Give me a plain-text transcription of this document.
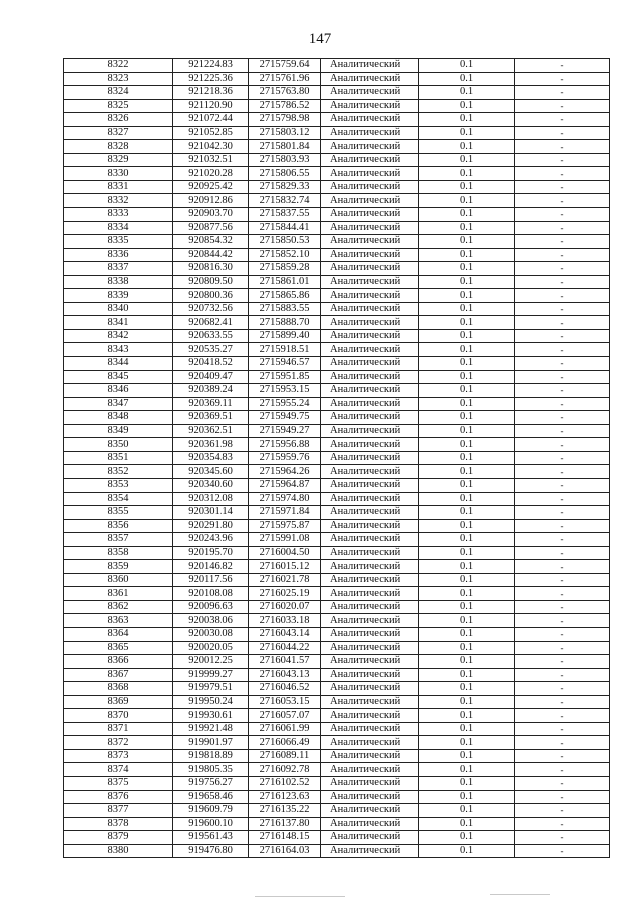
147
8322	921224.83	2715759.64	Аналитический	0.1	-
8323	921225.36	2715761.96	Аналитический	0.1	-
8324	921218.36	2715763.80	Аналитический	0.1	-
8325	921120.90	2715786.52	Аналитический	0.1	-
8326	921072.44	2715798.98	Аналитический	0.1	-
8327	921052.85	2715803.12	Аналитический	0.1	-
8328	921042.30	2715801.84	Аналитический	0.1	-
8329	921032.51	2715803.93	Аналитический	0.1	-
8330	921020.28	2715806.55	Аналитический	0.1	-
8331	920925.42	2715829.33	Аналитический	0.1	-
8332	920912.86	2715832.74	Аналитический	0.1	-
8333	920903.70	2715837.55	Аналитический	0.1	-
8334	920877.56	2715844.41	Аналитический	0.1	-
8335	920854.32	2715850.53	Аналитический	0.1	-
8336	920844.42	2715852.10	Аналитический	0.1	-
8337	920816.30	2715859.28	Аналитический	0.1	-
8338	920809.50	2715861.01	Аналитический	0.1	-
8339	920800.36	2715865.86	Аналитический	0.1	-
8340	920732.56	2715883.55	Аналитический	0.1	-
8341	920682.41	2715888.70	Аналитический	0.1	-
8342	920633.55	2715899.40	Аналитический	0.1	-
8343	920535.27	2715918.51	Аналитический	0.1	-
8344	920418.52	2715946.57	Аналитический	0.1	-
8345	920409.47	2715951.85	Аналитический	0.1	-
8346	920389.24	2715953.15	Аналитический	0.1	-
8347	920369.11	2715955.24	Аналитический	0.1	-
8348	920369.51	2715949.75	Аналитический	0.1	-
8349	920362.51	2715949.27	Аналитический	0.1	-
8350	920361.98	2715956.88	Аналитический	0.1	-
8351	920354.83	2715959.76	Аналитический	0.1	-
8352	920345.60	2715964.26	Аналитический	0.1	-
8353	920340.60	2715964.87	Аналитический	0.1	-
8354	920312.08	2715974.80	Аналитический	0.1	-
8355	920301.14	2715971.84	Аналитический	0.1	-
8356	920291.80	2715975.87	Аналитический	0.1	-
8357	920243.96	2715991.08	Аналитический	0.1	-
8358	920195.70	2716004.50	Аналитический	0.1	-
8359	920146.82	2716015.12	Аналитический	0.1	-
8360	920117.56	2716021.78	Аналитический	0.1	-
8361	920108.08	2716025.19	Аналитический	0.1	-
8362	920096.63	2716020.07	Аналитический	0.1	-
8363	920038.06	2716033.18	Аналитический	0.1	-
8364	920030.08	2716043.14	Аналитический	0.1	-
8365	920020.05	2716044.22	Аналитический	0.1	-
8366	920012.25	2716041.57	Аналитический	0.1	-
8367	919999.27	2716043.13	Аналитический	0.1	-
8368	919979.51	2716046.52	Аналитический	0.1	-
8369	919950.24	2716053.15	Аналитический	0.1	-
8370	919930.61	2716057.07	Аналитический	0.1	-
8371	919921.48	2716061.99	Аналитический	0.1	-
8372	919901.97	2716066.49	Аналитический	0.1	-
8373	919818.89	2716089.11	Аналитический	0.1	-
8374	919805.35	2716092.78	Аналитический	0.1	-
8375	919756.27	2716102.52	Аналитический	0.1	-
8376	919658.46	2716123.63	Аналитический	0.1	-
8377	919609.79	2716135.22	Аналитический	0.1	-
8378	919600.10	2716137.80	Аналитический	0.1	-
8379	919561.43	2716148.15	Аналитический	0.1	-
8380	919476.80	2716164.03	Аналитический	0.1	-
